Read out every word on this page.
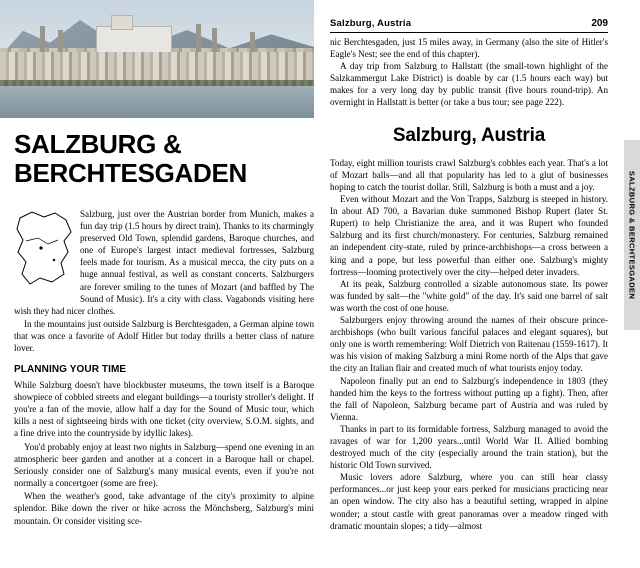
Salzburg, Austria	209
SALZBURG &
BERCHTESGADEN

Salzburg, just over the Austrian border from Munich, makes a fun day trip (1.5 hours by direct train). Thanks to its charmingly preserved Old Town, splendid gardens, Baroque churches, and one of Europe's largest intact medieval fortresses, Salzburg feels made for tourism. As a musical mecca, the city puts on a huge annual festival, as well as constant concerts. Salzburgers are forever smiling to the tunes of Mozart (and baffled by The Sound of Music). It's a city with class. Vagabonds visiting here wish they had nicer clothes.

In the mountains just outside Salzburg is Berchtesgaden, a German alpine town that was once a favorite of Adolf Hitler but today thrills a better class of nature lover.

PLANNING YOUR TIME

While Salzburg doesn't have blockbuster museums, the town itself is a Baroque showpiece of cobbled streets and elegant buildings—a touristy stroller's delight. If you're a fan of the movie, allow half a day for the Sound of Music tour, which kills a nest of sightseeing birds with one ticket (city overview, S.O.M. sights, and a fine drive into the countryside by idyllic lakes).

You'd probably enjoy at least two nights in Salzburg—spend one evening in an atmospheric beer garden and another at a concert in a Baroque hall or chapel. Seriously consider one of Salzburg's many musical events, even if you're not normally a concertgoer (some are free).

When the weather's good, take advantage of the city's proximity to alpine splendor. Bike down the river or hike across the Mönchsberg, Salzburg's mini mountain. Or consider visiting sce-

nic Berchtesgaden, just 15 miles away, in Germany (also the site of Hitler's Eagle's Nest; see the end of this chapter).

A day trip from Salzburg to Hallstatt (the small-town highlight of the Salzkammergut Lake District) is doable by car (1.5 hours each way) but makes for a very long day by public transit (five hours round-trip). An overnight in Hallstatt is better (or take a bus tour; see page 222).

Salzburg, Austria

Today, eight million tourists crawl Salzburg's cobbles each year. That's a lot of Mozart balls—and all that popularity has led to a glut of businesses hoping to catch the tourist dollar. Still, Salzburg is both a must and a joy.

Even without Mozart and the Von Trapps, Salzburg is steeped in history. In about AD 700, a Bavarian duke summoned Bishop Rupert (later St. Rupert) to help Christianize the area, and it was Rupert who founded Salzburg and its first church/monastery. For centuries, Salzburg remained an independent city-state, ruled by prince-archbishops—a cross between a king and a pope, but less powerful than either one. Salzburg's mighty fortress—looming protectively over the city—helped deter invaders.

At its peak, Salzburg controlled a sizable autonomous state. Its power was funded by salt—the "white gold" of the day. It's said one barrel of salt was worth the cost of one house.

Salzburgers enjoy throwing around the names of their obscure prince-archbishops (who built various fanciful palaces and elegant squares), but only one is worth remembering: Wolf Dietrich von Raitenau (1559-1617). It was his vision of making Salzburg a mini Rome north of the Alps that gave the city an Italian flair and created much of what tourists enjoy today.

Napoleon finally put an end to Salzburg's independence in 1803 (they handed him the keys to the fortress without putting up a fight). Then, after the fall of Napoleon, Salzburg became part of Austria and was ruled by Vienna.

Thanks in part to its formidable fortress, Salzburg managed to avoid the ravages of war for 1,200 years...until World War II. Allied bombing destroyed much of the city (especially around the train station), but the historic Old Town survived.

Music lovers adore Salzburg, where you can still hear classy performances...or just keep your ears perked for musicians practicing near an open window. The city also has a beautiful setting, wrapped in alpine wonder; a stout castle with great panoramas over a meadow ringed with dramatic mountain slopes; a tidy—almost

SALZBURG & BERCHTESGADEN
